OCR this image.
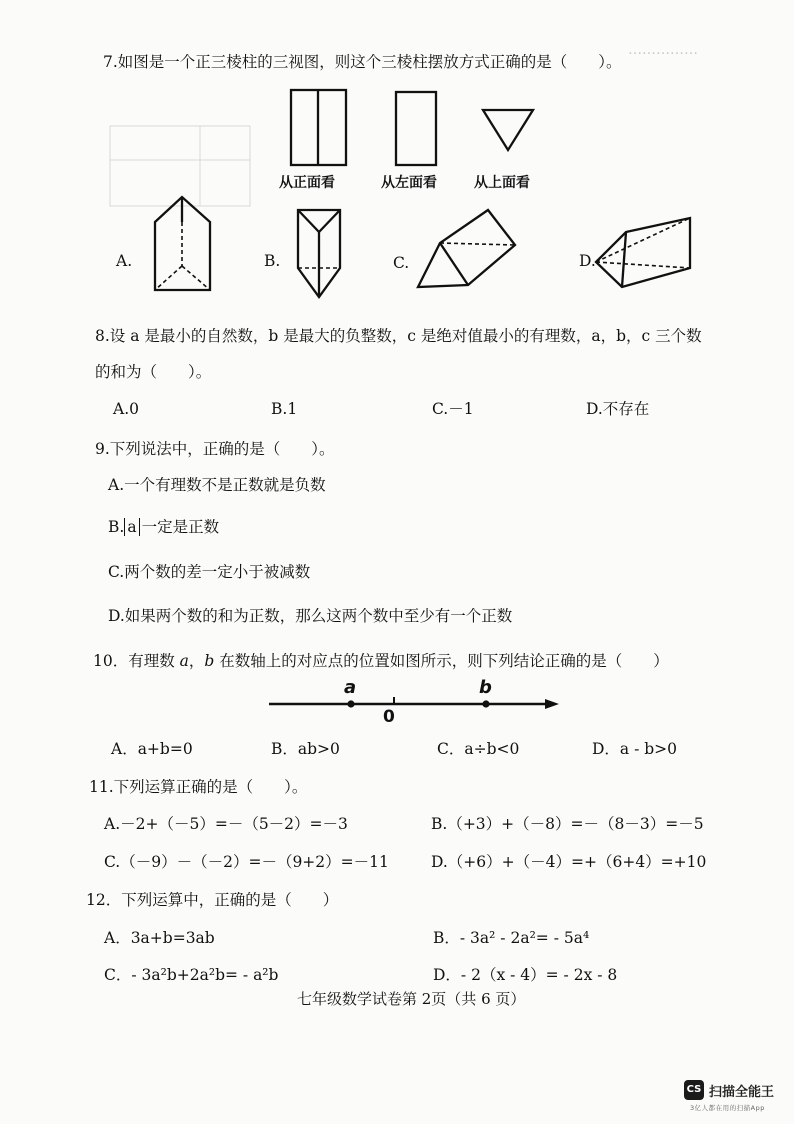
……………
7.如图是一个正三棱柱的三视图，则这个三棱柱摆放方式正确的是（　　）。
从正面看	从左面看	从上面看
A.	B.	C.	D.
8.设 a 是最小的自然数，b 是最大的负整数，c 是绝对值最小的有理数，a，b，c 三个数
的和为（　　）。
A.0	B.1	C.－1	D.不存在
9.下列说法中，正确的是（　　）。
A.一个有理数不是正数就是负数
B. a 一定是正数
C.两个数的差一定小于被减数
D.如果两个数的和为正数，那么这两个数中至少有一个正数
10．有理数 a，b 在数轴上的对应点的位置如图所示，则下列结论正确的是（　　）
a
0
b
A．a+b=0	B．ab>0	C．a÷b<0	D．a - b>0
11.下列运算正确的是（　　）。
A.－2+（－5）=－（5－2）=－3	B.（+3）+（－8）=－（8－3）=－5
C.（－9）－（－2）=－（9+2）=－11	D.（+6）+（－4）=+（6+4）=+10
12．下列运算中，正确的是（　　）
A．3a+b=3ab	B．- 3a² - 2a²= - 5a⁴
C．- 3a²b+2a²b= - a²b	D．- 2（x - 4）= - 2x - 8
七年级数学试卷第 2页（共 6 页）
CS 扫描全能王
3亿人都在用的扫描App
